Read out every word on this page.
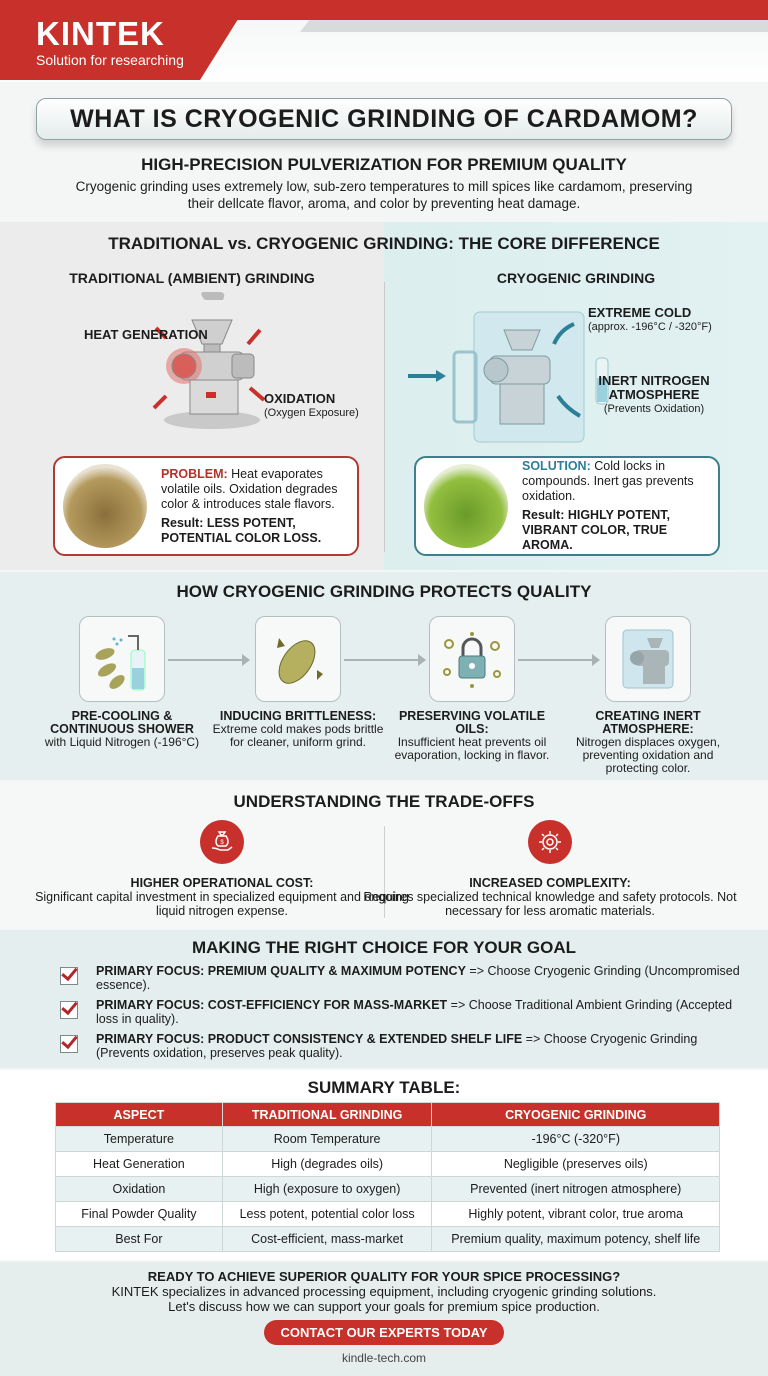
KINTEK
Solution for researching
WHAT IS CRYOGENIC GRINDING OF CARDAMOM?
HIGH-PRECISION PULVERIZATION FOR PREMIUM QUALITY

Cryogenic grinding uses extremely low, sub-zero temperatures to mill spices like cardamom, preserving their dellcate flavor, aroma, and color by preventing heat damage.

TRADITIONAL vs. CRYOGENIC GRINDING: THE CORE DIFFERENCE
TRADITIONAL (AMBIENT) GRINDING
HEAT GENERATION
OXIDATION
(Oxygen Exposure)
CRYOGENIC GRINDING
EXTREME COLD
(approx. -196°C / -320°F)
INERT NITROGEN ATMOSPHERE
(Prevents Oxidation)
PROBLEM: Heat evaporates volatile oils. Oxidation degrades color & introduces stale flavors.
Result: LESS POTENT, POTENTIAL COLOR LOSS.
SOLUTION: Cold locks in compounds. Inert gas prevents oxidation.
Result: HIGHLY POTENT, VIBRANT COLOR, TRUE AROMA.
HOW CRYOGENIC GRINDING PROTECTS QUALITY
PRE-COOLING & CONTINUOUS SHOWER
with Liquid Nitrogen (-196°C)
INDUCING BRITTLENESS:
Extreme cold makes pods brittle for cleaner, uniform grind.
PRESERVING VOLATILE OILS:
Insufficient heat prevents oil evaporation, locking in flavor.
CREATING INERT ATMOSPHERE:
Nitrogen displaces oxygen, preventing oxidation and protecting color.
UNDERSTANDING THE TRADE-OFFS
$
HIGHER OPERATIONAL COST:
Significant capital investment in specialized equipment and ongoing liquid nitrogen expense.
INCREASED COMPLEXITY:
Requires specialized technical knowledge and safety protocols. Not necessary for less aromatic materials.
MAKING THE RIGHT CHOICE FOR YOUR GOAL
PRIMARY FOCUS: PREMIUM QUALITY & MAXIMUM POTENCY => Choose Cryogenic Grinding (Uncompromised essence).
PRIMARY FOCUS: COST-EFFICIENCY FOR MASS-MARKET => Choose Traditional Ambient Grinding (Accepted loss in quality).
PRIMARY FOCUS: PRODUCT CONSISTENCY & EXTENDED SHELF LIFE => Choose Cryogenic Grinding (Prevents oxidation, preserves peak quality).
SUMMARY TABLE:
ASPECT	TRADITIONAL GRINDING	CRYOGENIC GRINDING
Temperature	Room Temperature	-196°C (-320°F)
Heat Generation	High (degrades oils)	Negligible (preserves oils)
Oxidation	High (exposure to oxygen)	Prevented (inert nitrogen atmosphere)
Final Powder Quality	Less potent, potential color loss	Highly potent, vibrant color, true aroma
Best For	Cost-efficient, mass-market	Premium quality, maximum potency, shelf life
READY TO ACHIEVE SUPERIOR QUALITY FOR YOUR SPICE PROCESSING?

KINTEK specializes in advanced processing equipment, including cryogenic grinding solutions.

Let's discuss how we can support your goals for premium spice production.

CONTACT OUR EXPERTS TODAY
kindle-tech.com
